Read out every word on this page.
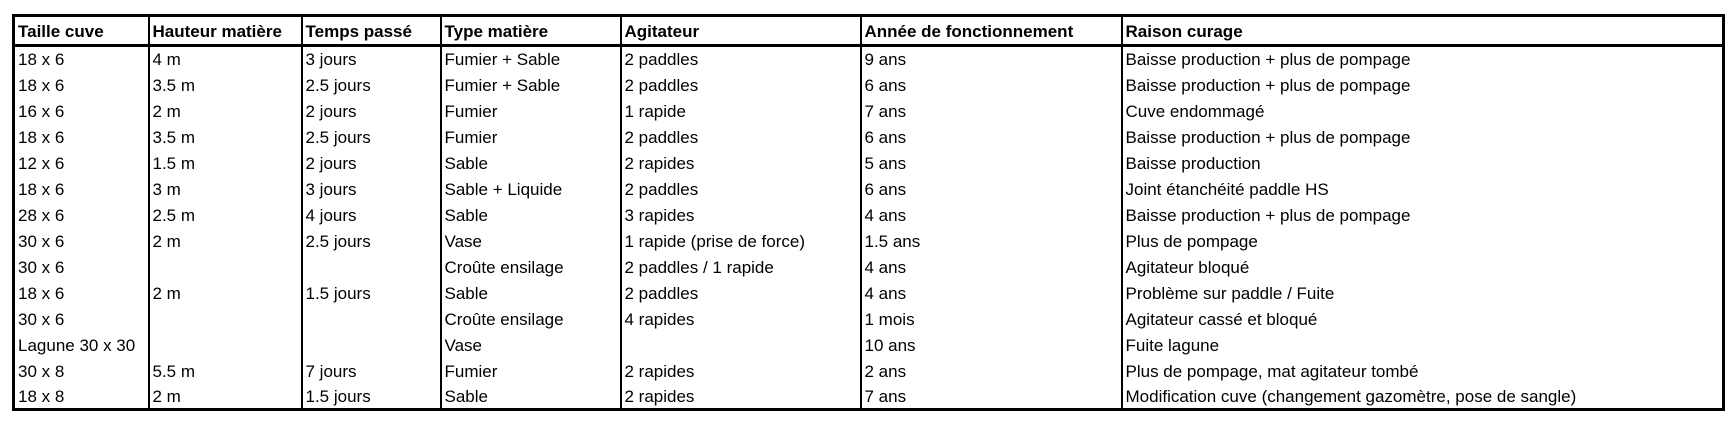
Taille cuve	Hauteur matière	Temps passé	Type matière	Agitateur	Année de fonctionnement	Raison curage
18 x 6	4 m	3 jours	Fumier + Sable	2 paddles	9 ans	Baisse production + plus de pompage
18 x 6	3.5 m	2.5 jours	Fumier + Sable	2 paddles	6 ans	Baisse production + plus de pompage
16 x 6	2 m	2 jours	Fumier	1 rapide	7 ans	Cuve endommagé
18 x 6	3.5 m	2.5 jours	Fumier	2 paddles	6 ans	Baisse production + plus de pompage
12 x 6	1.5 m	2 jours	Sable	2 rapides	5 ans	Baisse production
18 x 6	3 m	3 jours	Sable + Liquide	2 paddles	6 ans	Joint étanchéité paddle HS
28 x 6	2.5 m	4 jours	Sable	3 rapides	4 ans	Baisse production + plus de pompage
30 x 6	2 m	2.5 jours	Vase	1 rapide (prise de force)	1.5 ans	Plus de pompage
30 x 6			Croûte ensilage	2 paddles / 1 rapide	4 ans	Agitateur bloqué
18 x 6	2 m	1.5 jours	Sable	2 paddles	4 ans	Problème sur paddle / Fuite
30 x 6			Croûte ensilage	4 rapides	1 mois	Agitateur cassé et bloqué
Lagune 30 x 30			Vase		10 ans	Fuite lagune
30 x 8	5.5 m	7 jours	Fumier	2 rapides	2 ans	Plus de pompage, mat agitateur tombé
18 x 8	2 m	1.5 jours	Sable	2 rapides	7 ans	Modification cuve (changement gazomètre, pose de sangle)
